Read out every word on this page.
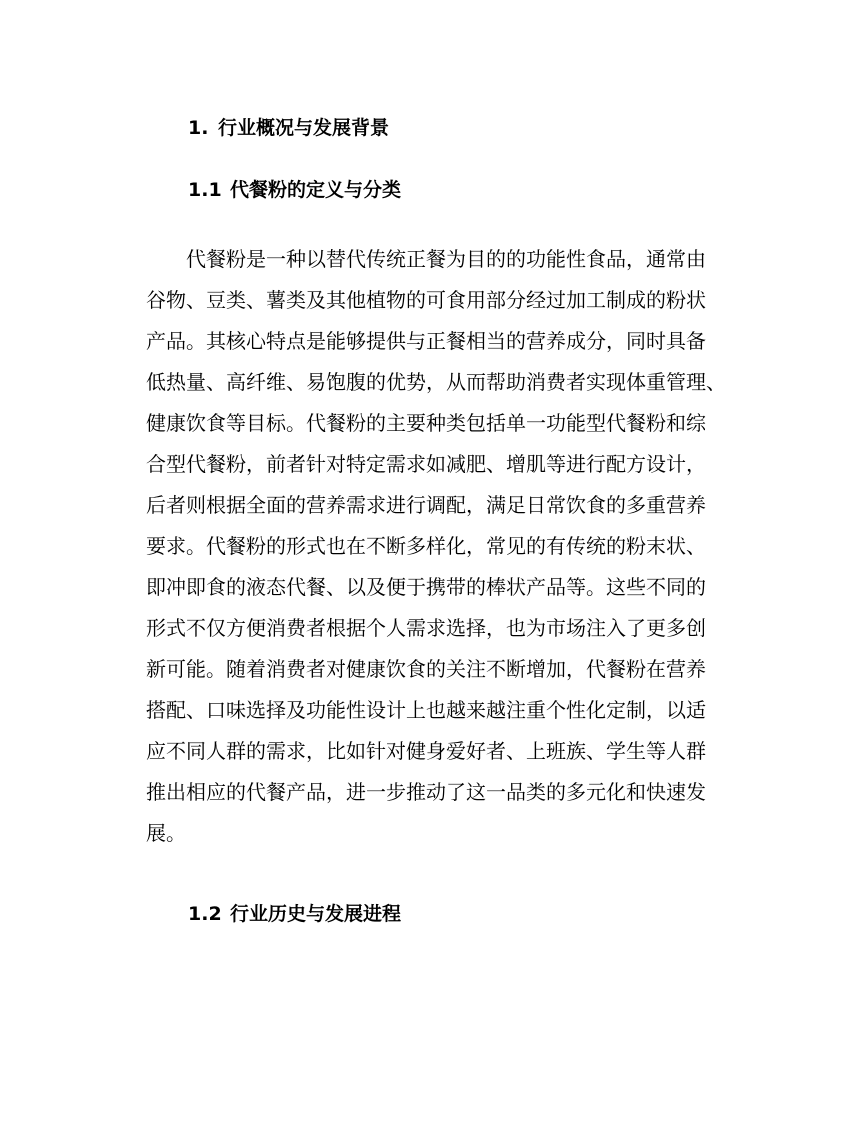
1. 行业概况与发展背景
1.1 代餐粉的定义与分类
代餐粉是一种以替代传统正餐为目的的功能性食品，通常由
谷物、豆类、薯类及其他植物的可食用部分经过加工制成的粉状
产品。其核心特点是能够提供与正餐相当的营养成分，同时具备
低热量、高纤维、易饱腹的优势，从而帮助消费者实现体重管理、
健康饮食等目标。代餐粉的主要种类包括单一功能型代餐粉和综
合型代餐粉，前者针对特定需求如减肥、增肌等进行配方设计，
后者则根据全面的营养需求进行调配，满足日常饮食的多重营养
要求。代餐粉的形式也在不断多样化，常见的有传统的粉末状、
即冲即食的液态代餐、以及便于携带的棒状产品等。这些不同的
形式不仅方便消费者根据个人需求选择，也为市场注入了更多创
新可能。随着消费者对健康饮食的关注不断增加，代餐粉在营养
搭配、口味选择及功能性设计上也越来越注重个性化定制，以适
应不同人群的需求，比如针对健身爱好者、上班族、学生等人群
推出相应的代餐产品，进一步推动了这一品类的多元化和快速发
展。
1.2 行业历史与发展进程
